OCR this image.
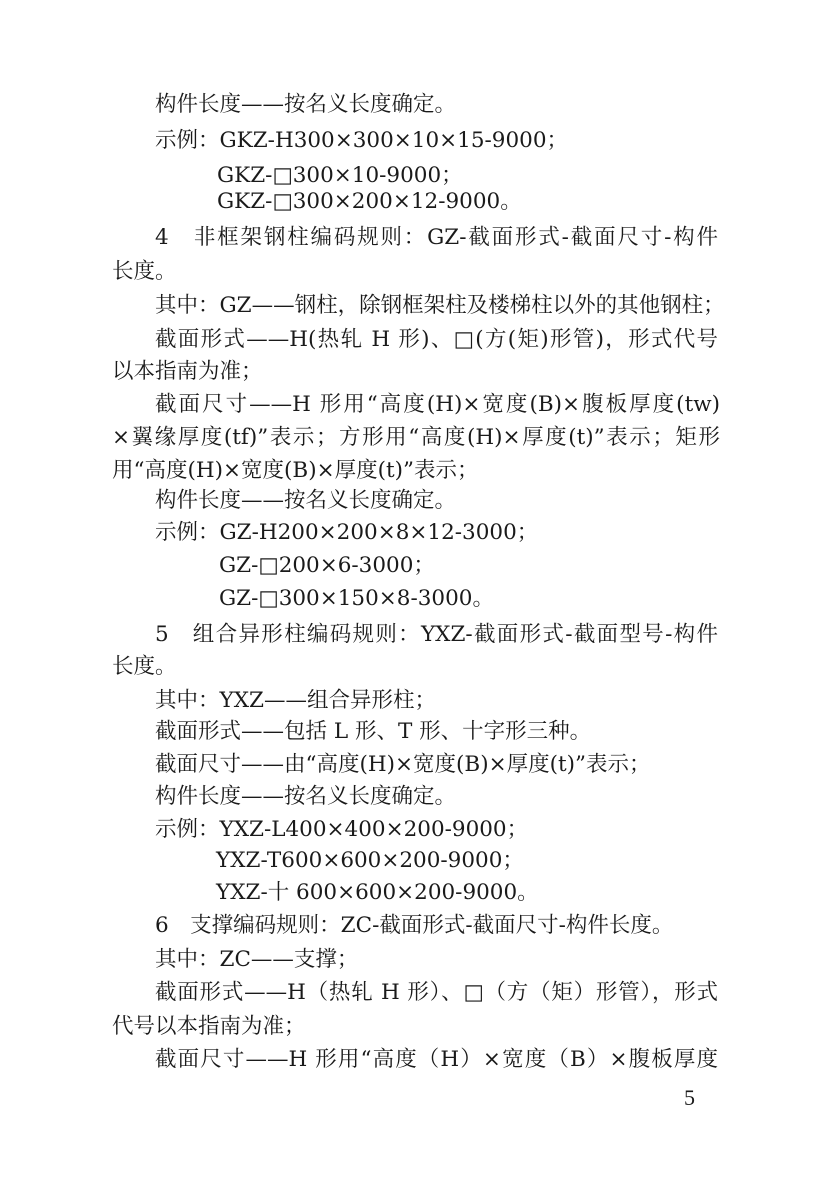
构件长度——按名义长度确定。
示例：GKZ-H300×300×10×15-9000；
GKZ-□300×10-9000；
GKZ-□300×200×12-9000。
4　非框架钢柱编码规则：GZ-截面形式-截面尺寸-构件
长度。
其中：GZ——钢柱，除钢框架柱及楼梯柱以外的其他钢柱；
截面形式——H(热轧 H 形)、□(方(矩)形管)，形式代号
以本指南为准；
截面尺寸——H 形用“高度(H)×宽度(B)×腹板厚度(tw)
×翼缘厚度(tf)”表示；方形用“高度(H)×厚度(t)”表示；矩形
用“高度(H)×宽度(B)×厚度(t)”表示；
构件长度——按名义长度确定。
示例：GZ-H200×200×8×12-3000；
GZ-□200×6-3000；
GZ-□300×150×8-3000。
5　组合异形柱编码规则：YXZ-截面形式-截面型号-构件
长度。
其中：YXZ——组合异形柱；
截面形式——包括 L 形、T 形、十字形三种。
截面尺寸——由“高度(H)×宽度(B)×厚度(t)”表示；
构件长度——按名义长度确定。
示例：YXZ-L400×400×200-9000；
YXZ-T600×600×200-9000；
YXZ-十 600×600×200-9000。
6　支撑编码规则：ZC-截面形式-截面尺寸-构件长度。
其中：ZC——支撑；
截面形式——H（热轧 H 形）、□（方（矩）形管），形式
代号以本指南为准；
截面尺寸——H 形用“高度（H）×宽度（B）×腹板厚度
5
